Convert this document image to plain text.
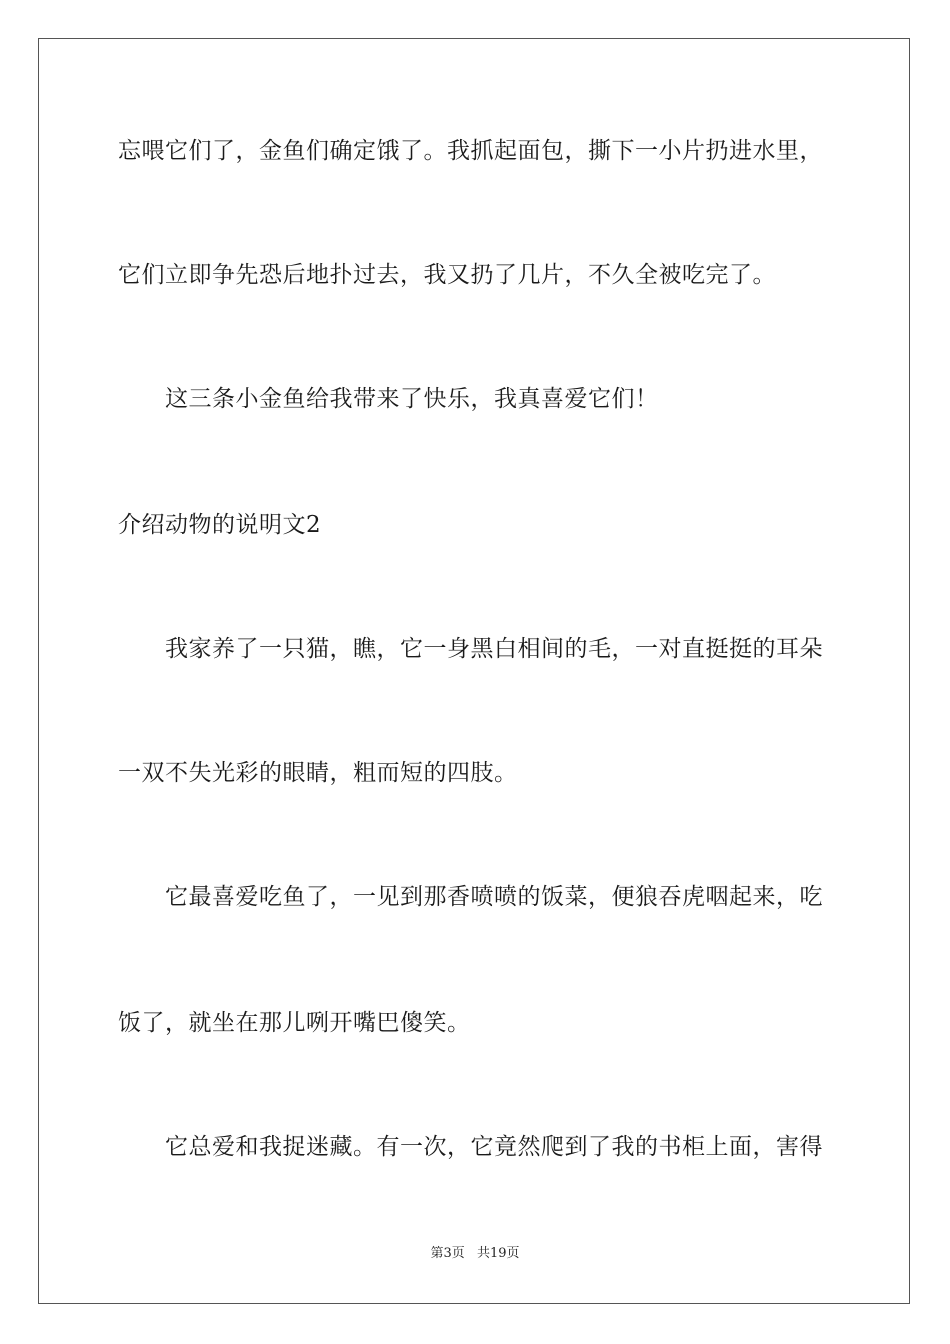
忘喂它们了，金鱼们确定饿了。我抓起面包，撕下一小片扔进水里，
它们立即争先恐后地扑过去，我又扔了几片，不久全被吃完了。
这三条小金鱼给我带来了快乐，我真喜爱它们！
介绍动物的说明文2
我家养了一只猫，瞧，它一身黑白相间的毛，一对直挺挺的耳朵
一双不失光彩的眼睛，粗而短的四肢。
它最喜爱吃鱼了，一见到那香喷喷的饭菜，便狼吞虎咽起来，吃
饭了，就坐在那儿咧开嘴巴傻笑。
它总爱和我捉迷藏。有一次，它竟然爬到了我的书柜上面，害得
第3页 共19页
